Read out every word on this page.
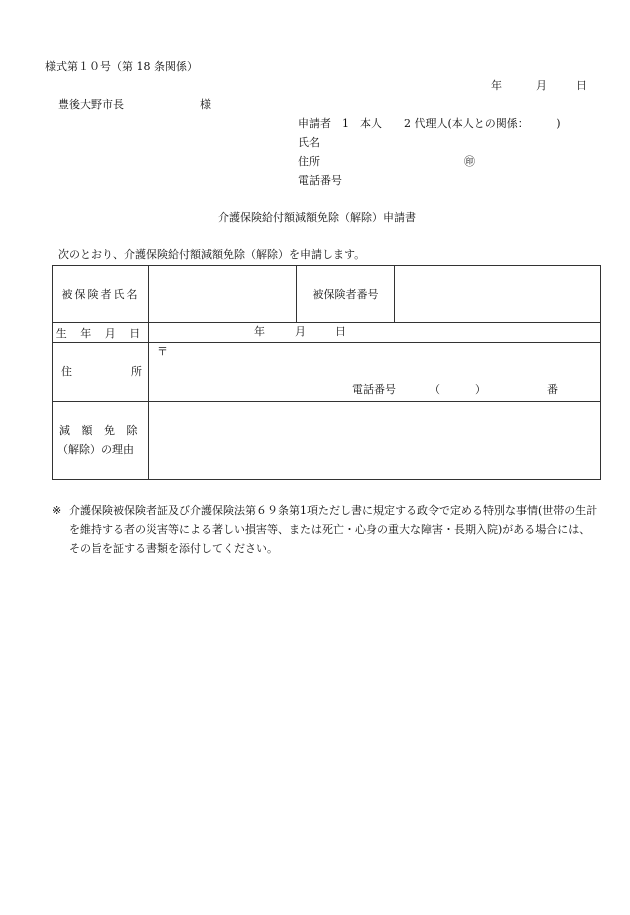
様式第１０号（第 18 条関係）
年	月	日
豊後大野市長	様
申請者 1　本人 2 代理人(本人との関係：　　　)
氏名
住所	㊞
電話番号
介護保険給付額減額免除（解除）申請書
次のとおり、介護保険給付額減額免除（解除）を申請します。
被保険者氏名		被保険者番号	
生 年 月 日	年 月 日		

住 所	〒
電話番号 （ ） 番		

減 額 免 除
（解除）の理由			

※ 介護保険被保険者証及び介護保険法第６９条第1項ただし書に規定する政令で定める特別な事情(世帯の生計を維持する者の災害等による著しい損害等、または死亡・心身の重大な障害・長期入院)がある場合には、その旨を証する書類を添付してください。
